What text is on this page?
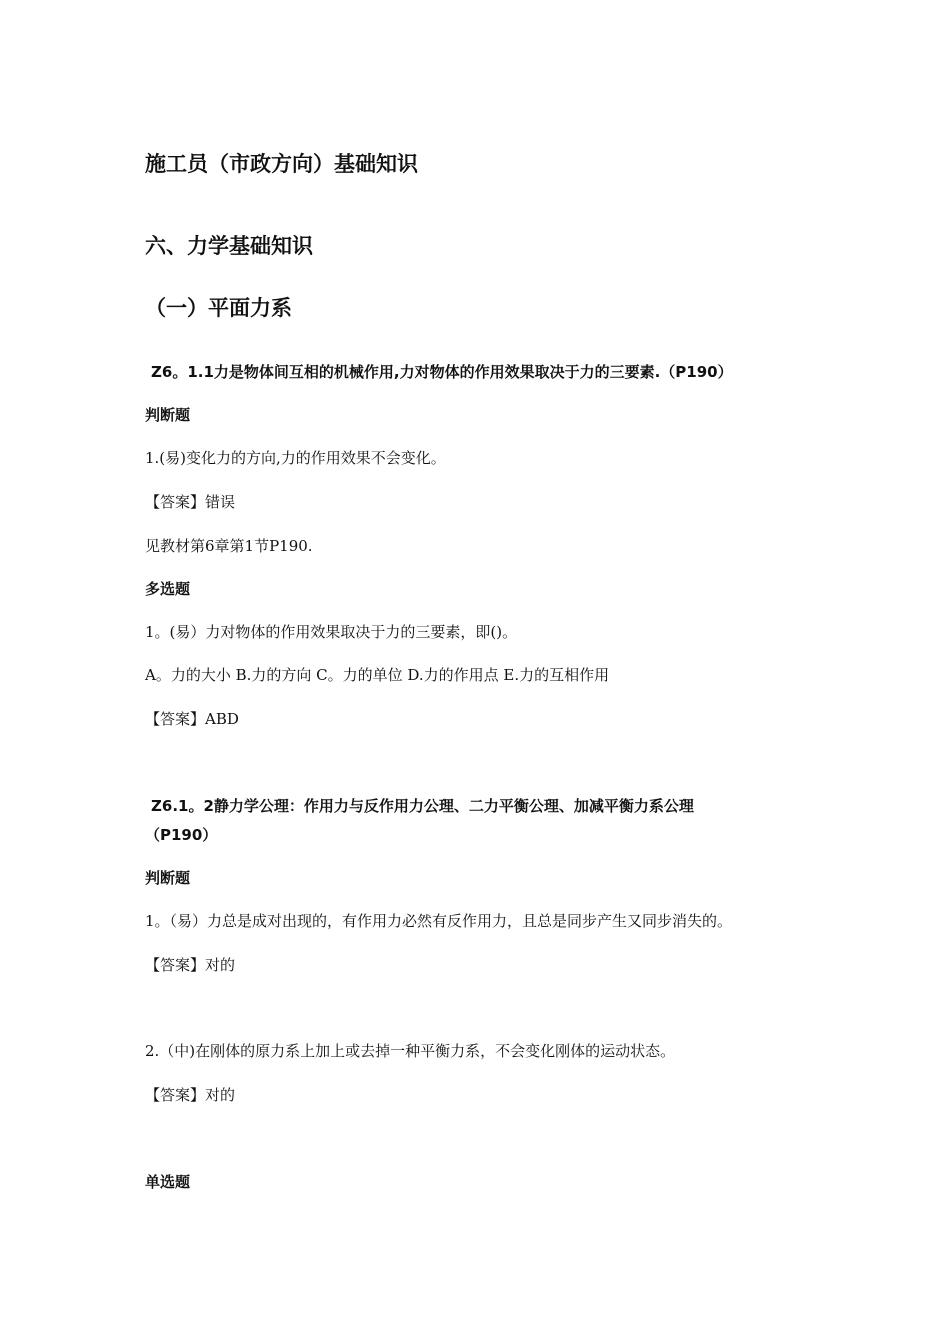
施工员（市政方向）基础知识
六、力学基础知识
（一）平面力系
Z6。1.1力是物体间互相的机械作用,力对物体的作用效果取决于力的三要素.（P190）
判断题
1.(易)变化力的方向,力的作用效果不会变化。
【答案】错误
见教材第6章第1节P190.
多选题
1。(易）力对物体的作用效果取决于力的三要素，即()。
A。力的大小 B.力的方向 C。力的单位 D.力的作用点 E.力的互相作用
【答案】ABD
Z6.1。2静力学公理：作用力与反作用力公理、二力平衡公理、加减平衡力系公理
（P190）
判断题
1。（易）力总是成对出现的，有作用力必然有反作用力，且总是同步产生又同步消失的。
【答案】对的
2.（中)在刚体的原力系上加上或去掉一种平衡力系，不会变化刚体的运动状态。
【答案】对的
单选题
